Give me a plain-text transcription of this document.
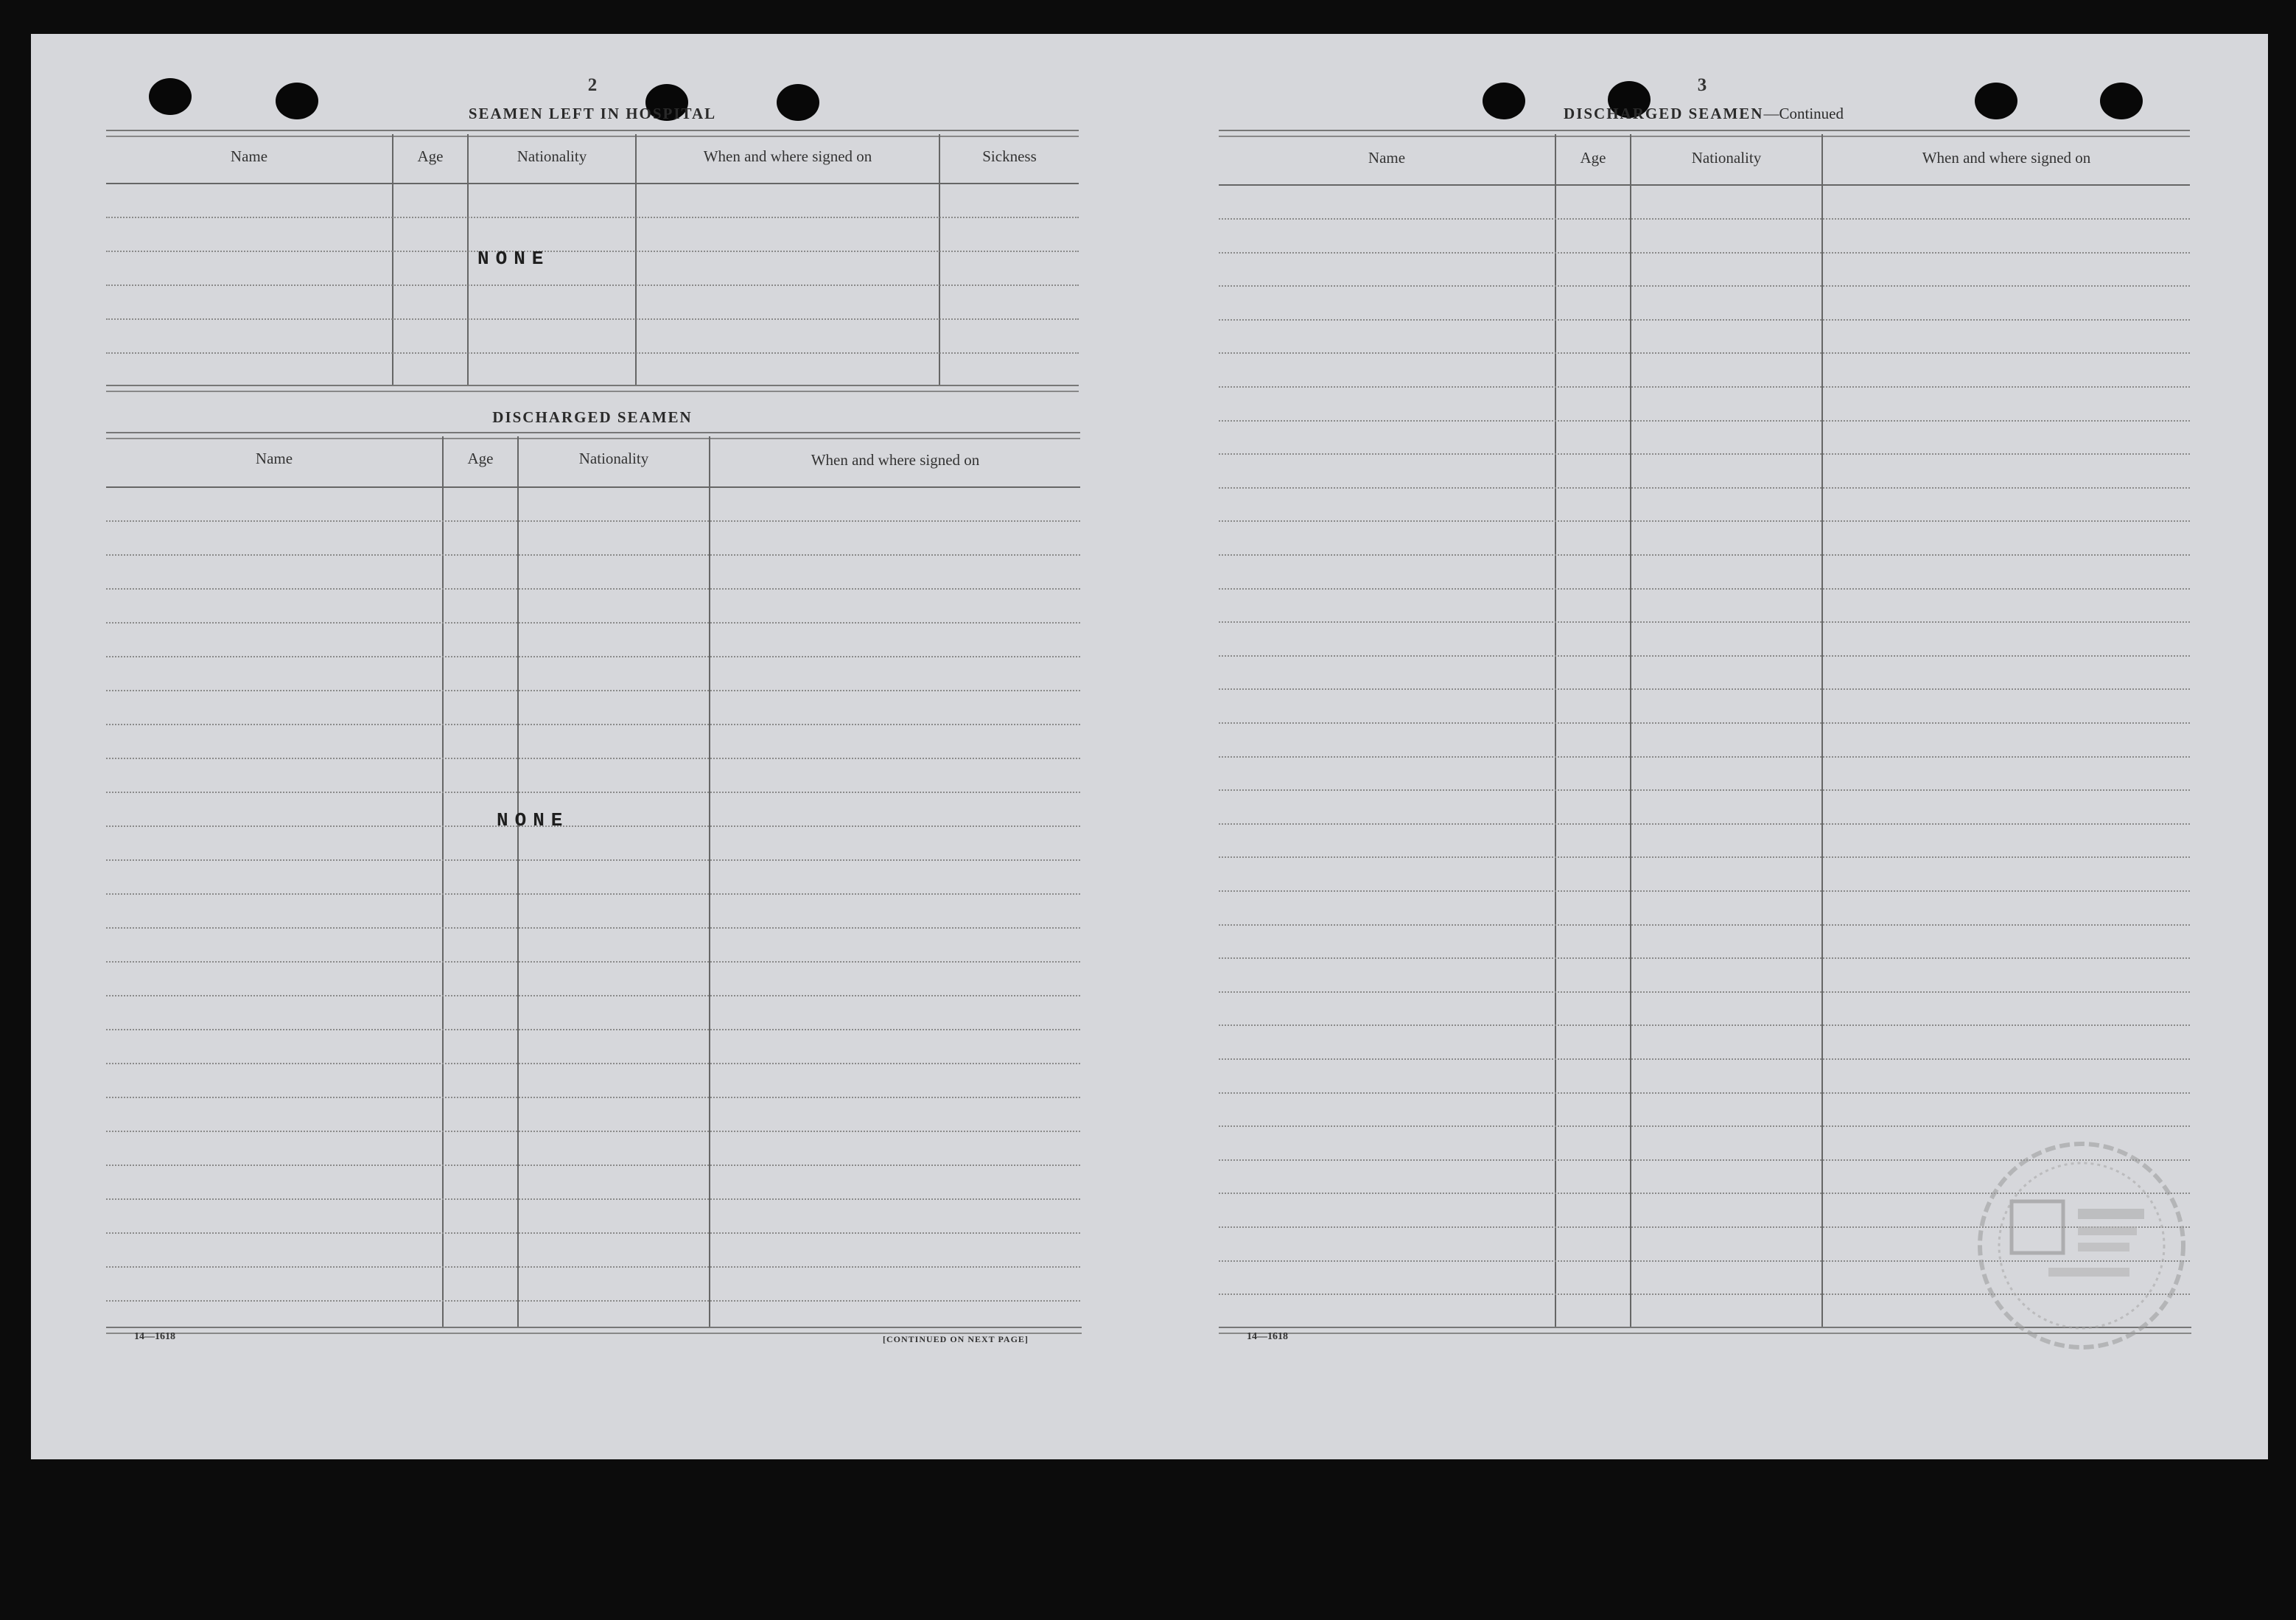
2
SEAMEN LEFT IN HOSPITAL
Name	Age	Nationality	When and where signed on	Sickness
NONE
DISCHARGED SEAMEN
Name	Age	Nationality	When and where signed on
NONE
14—1618	[CONTINUED ON NEXT PAGE]
3
DISCHARGED SEAMEN—Continued
Name	Age	Nationality	When and where signed on
14—1618
